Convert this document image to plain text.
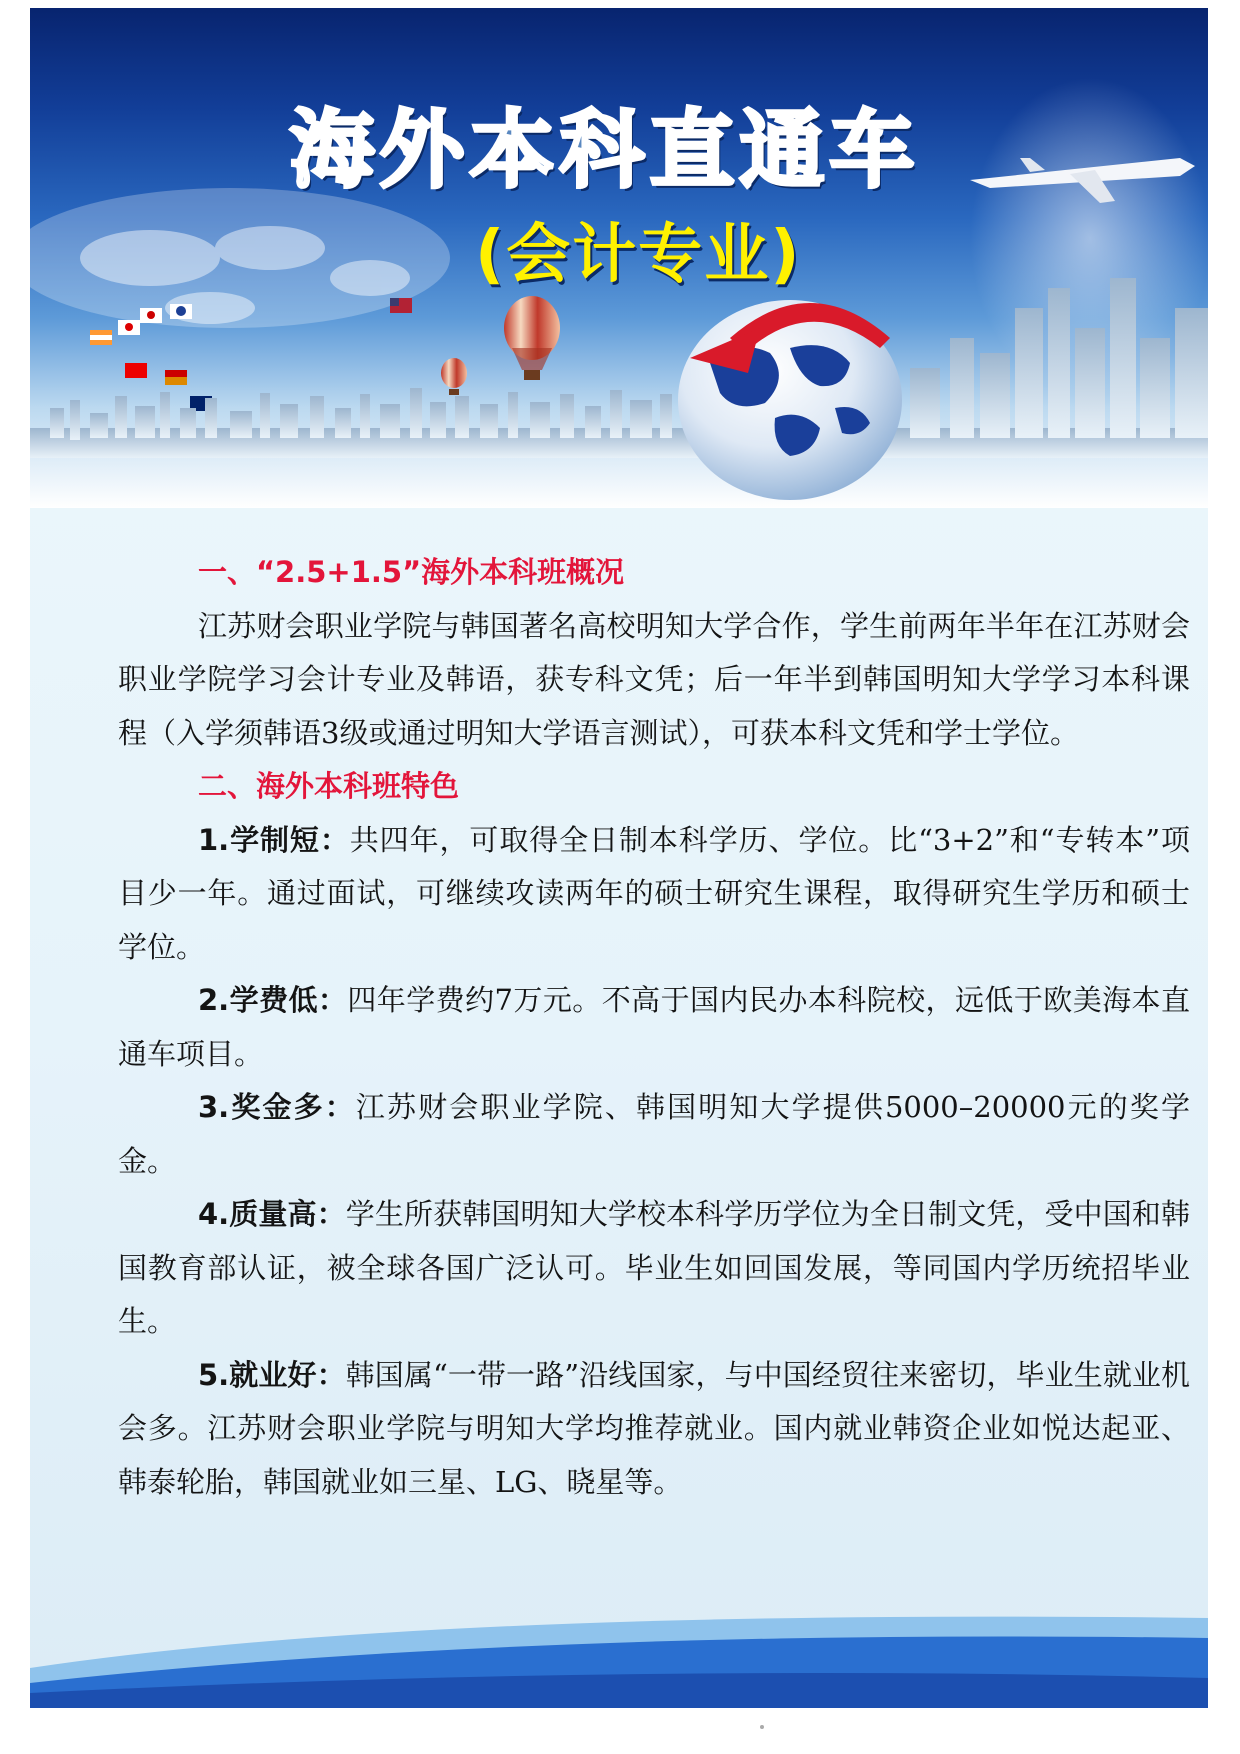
海外本科直通车
(会计专业)
一、“2.5+1.5”海外本科班概况

江苏财会职业学院与韩国著名高校明知大学合作，学生前两年半年在江苏财会职业学院学习会计专业及韩语，获专科文凭；后一年半到韩国明知大学学习本科课程（入学须韩语3级或通过明知大学语言测试），可获本科文凭和学士学位。

二、海外本科班特色

1.学制短：共四年，可取得全日制本科学历、学位。比“3+2”和“专转本”项目少一年。通过面试，可继续攻读两年的硕士研究生课程，取得研究生学历和硕士学位。

2.学费低：四年学费约7万元。不高于国内民办本科院校，远低于欧美海本直通车项目。

3.奖金多：江苏财会职业学院、韩国明知大学提供5000–20000元的奖学金。

4.质量高：学生所获韩国明知大学校本科学历学位为全日制文凭，受中国和韩国教育部认证，被全球各国广泛认可。毕业生如回国发展，等同国内学历统招毕业生。

5.就业好：韩国属“一带一路”沿线国家，与中国经贸往来密切，毕业生就业机会多。江苏财会职业学院与明知大学均推荐就业。国内就业韩资企业如悦达起亚、韩泰轮胎，韩国就业如三星、LG、晓星等。
